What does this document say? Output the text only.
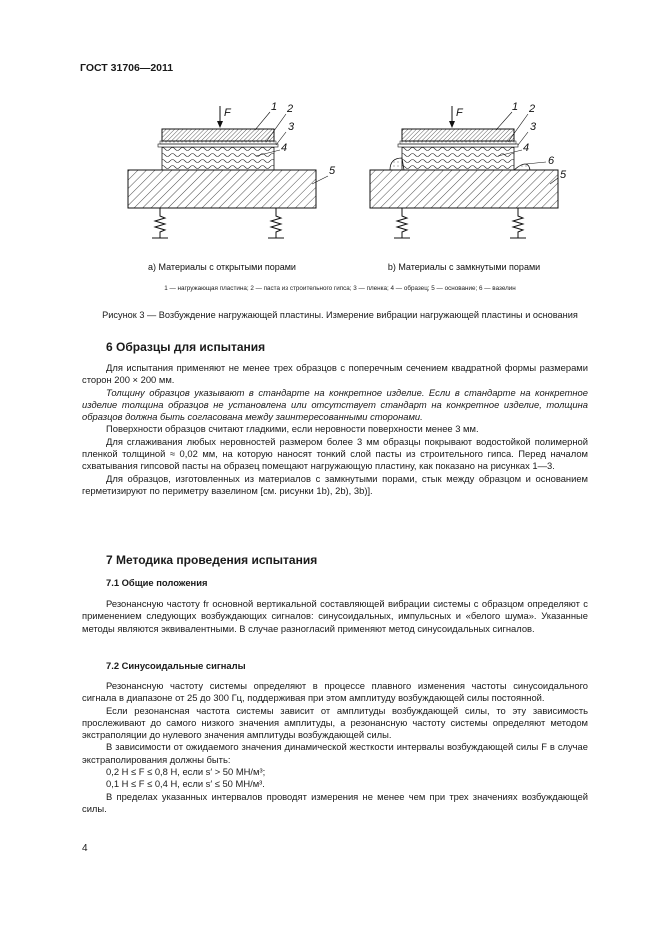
ГОСТ 31706—2011
F	F
1 2
3
4
5
1 2
3
4
6
5
а) Материалы с открытыми порами	b) Материалы с замкнутыми порами
1 — нагружающая пластина; 2 — паста из строительного гипса; 3 — пленка; 4 — образец; 5 — основание; 6 — вазелин
Рисунок 3 — Возбуждение нагружающей пластины. Измерение вибрации нагружающей пластины и основания
6 Образцы для испытания

Для испытания применяют не менее трех образцов с поперечным сечением квадратной формы размерами сторон 200 × 200 мм.

Толщину образцов указывают в стандарте на конкретное изделие. Если в стандарте на конкретное изделие толщина образцов не установлена или отсутствует стандарт на конкретное изделие, толщина образцов должна быть согласована между заинтересованными сторонами.

Поверхности образцов считают гладкими, если неровности поверхности менее 3 мм.

Для сглаживания любых неровностей размером более 3 мм образцы покрывают водостойкой полимерной пленкой толщиной ≈ 0,02 мм, на которую наносят тонкий слой пасты из строительного гипса. Перед началом схватывания гипсовой пасты на образец помещают нагружающую пластину, как показано на рисунках 1—3.

Для образцов, изготовленных из материалов с замкнутыми порами, стык между образцом и основанием герметизируют по периметру вазелином [см. рисунки 1b), 2b), 3b)].

7 Методика проведения испытания
7.1 Общие положения

Резонансную частоту fr основной вертикальной составляющей вибрации системы с образцом определяют с применением следующих возбуждающих сигналов: синусоидальных, импульсных и «белого шума». Указанные методы являются эквивалентными. В случае разногласий применяют метод синусоидальных сигналов.

7.2 Синусоидальные сигналы

Резонансную частоту системы определяют в процессе плавного изменения частоты синусоидального сигнала в диапазоне от 25 до 300 Гц, поддерживая при этом амплитуду возбуждающей силы постоянной.

Если резонансная частота системы зависит от амплитуды возбуждающей силы, то эту зависимость прослеживают до самого низкого значения амплитуды, а резонансную частоту системы определяют методом экстраполяции до нулевого значения амплитуды возбуждающей силы.

В зависимости от ожидаемого значения динамической жесткости интервалы возбуждающей силы F в случае экстраполирования должны быть:

0,2 Н ≤ F ≤ 0,8 Н, если s′ > 50 МН/м³;

0,1 Н ≤ F ≤ 0,4 Н, если s′ ≤ 50 МН/м³.

В пределах указанных интервалов проводят измерения не менее чем при трех значениях возбуждающей силы.

4
